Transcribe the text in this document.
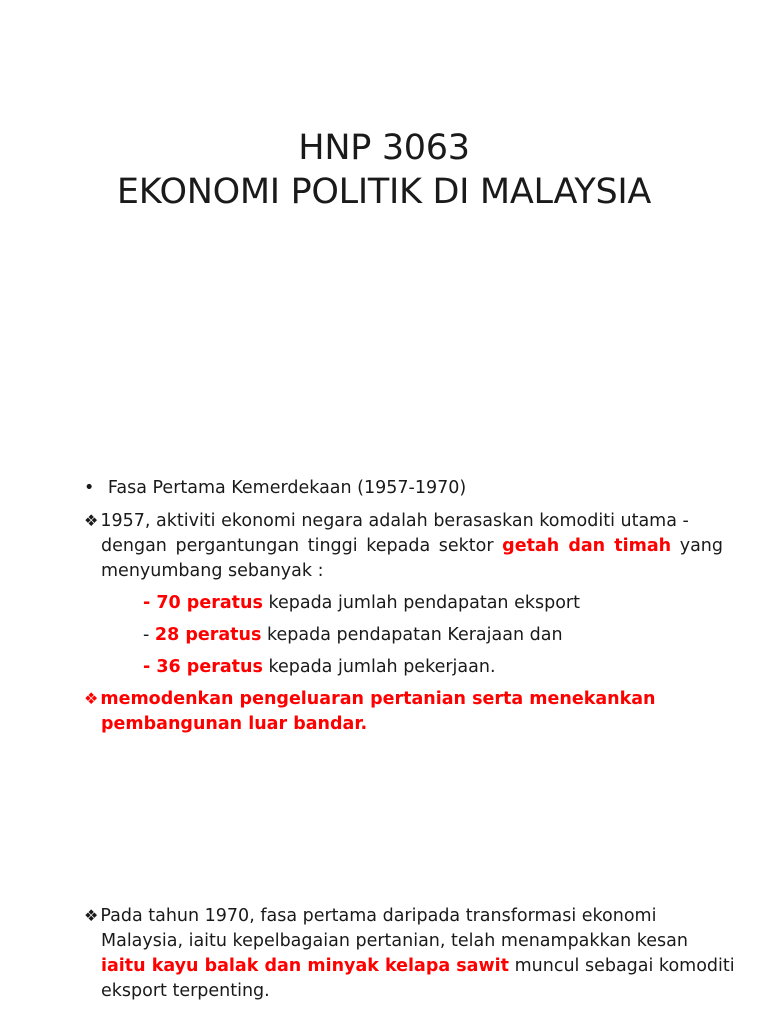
HNP 3063
EKONOMI POLITIK DI MALAYSIA
• Fasa Pertama Kemerdekaan (1957-1970)
❖ 1957, aktiviti ekonomi negara adalah berasaskan komoditi utama -
dengan pergantungan tinggi kepada sektor getah dan timah yang
menyumbang sebanyak :
- 70 peratus kepada jumlah pendapatan eksport
- 28 peratus kepada pendapatan Kerajaan dan
- 36 peratus kepada jumlah pekerjaan.
❖ memodenkan pengeluaran pertanian serta menekankan
pembangunan luar bandar.
❖ Pada tahun 1970, fasa pertama daripada transformasi ekonomi
Malaysia, iaitu kepelbagaian pertanian, telah menampakkan kesan
iaitu kayu balak dan minyak kelapa sawit muncul sebagai komoditi
eksport terpenting.
